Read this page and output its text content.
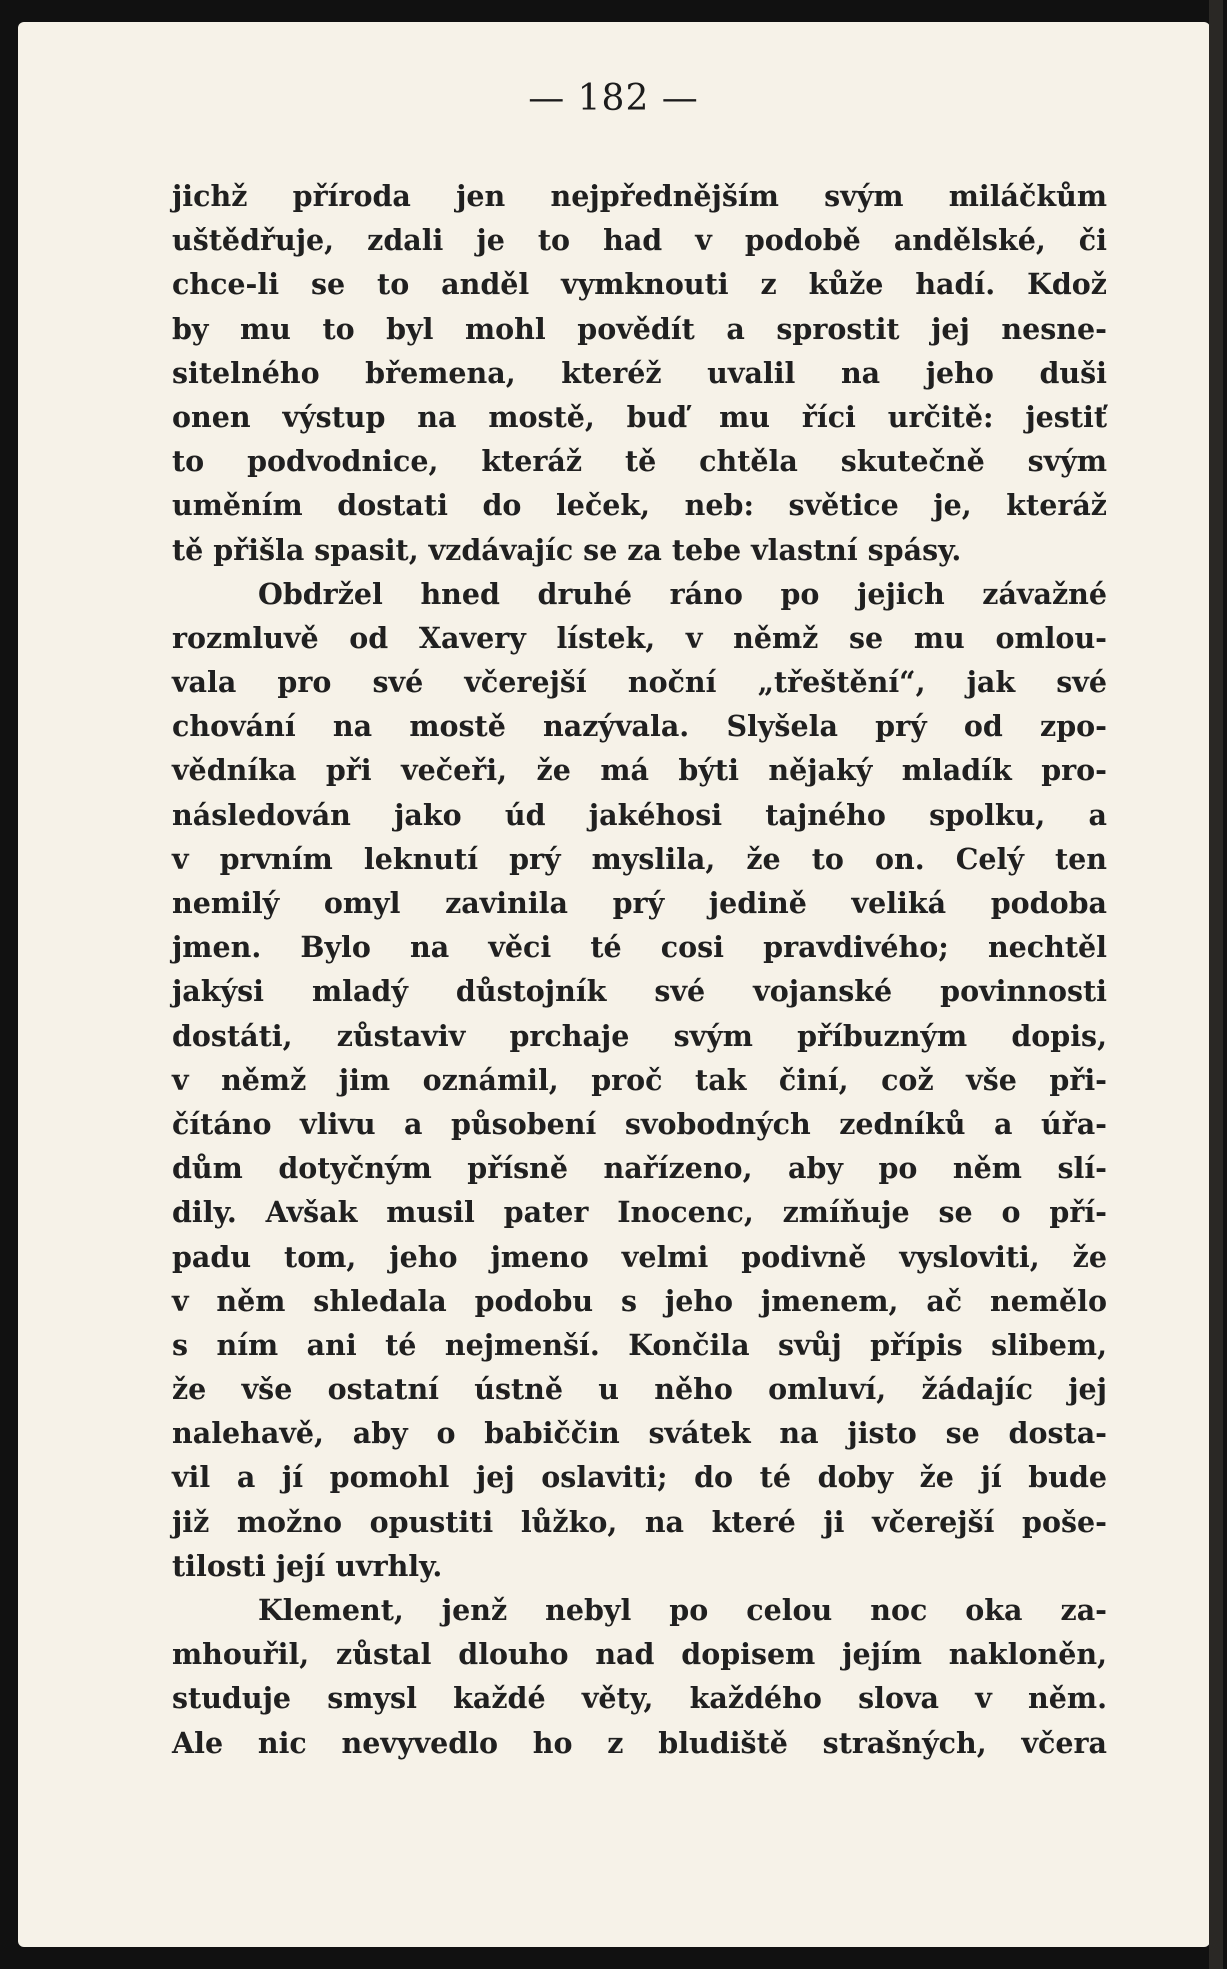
— 182 —
jichž příroda jen nejpřednějším svým miláčkům
uštědřuje, zdali je to had v podobě andělské, či
chce-li se to anděl vymknouti z kůže hadí. Kdož
by mu to byl mohl povědít a sprostit jej nesne-
sitelného břemena, kteréž uvalil na jeho duši
onen výstup na mostě, buď mu říci určitě: jestiť
to podvodnice, kteráž tě chtěla skutečně svým
uměním dostati do leček, neb: světice je, kteráž
tě přišla spasit, vzdávajíc se za tebe vlastní spásy.
Obdržel hned druhé ráno po jejich závažné
rozmluvě od Xavery lístek, v němž se mu omlou-
vala pro své včerejší noční „třeštění“, jak své
chování na mostě nazývala. Slyšela prý od zpo-
vědníka při večeři, že má býti nějaký mladík pro-
následován jako úd jakéhosi tajného spolku, a
v prvním leknutí prý myslila, že to on. Celý ten
nemilý omyl zavinila prý jedině veliká podoba
jmen. Bylo na věci té cosi pravdivého; nechtěl
jakýsi mladý důstojník své vojanské povinnosti
dostáti, zůstaviv prchaje svým příbuzným dopis,
v němž jim oznámil, proč tak činí, což vše při-
čítáno vlivu a působení svobodných zedníků a úřa-
dům dotyčným přísně nařízeno, aby po něm slí-
dily. Avšak musil pater Inocenc, zmíňuje se o pří-
padu tom, jeho jmeno velmi podivně vysloviti, že
v něm shledala podobu s jeho jmenem, ač nemělo
s ním ani té nejmenší. Končila svůj přípis slibem,
že vše ostatní ústně u něho omluví, žádajíc jej
nalehavě, aby o babiččin svátek na jisto se dosta-
vil a jí pomohl jej oslaviti; do té doby že jí bude
již možno opustiti lůžko, na které ji včerejší poše-
tilosti její uvrhly.
Klement, jenž nebyl po celou noc oka za-
mhouřil, zůstal dlouho nad dopisem jejím nakloněn,
studuje smysl každé věty, každého slova v něm.
Ale nic nevyvedlo ho z bludiště strašných, včera
